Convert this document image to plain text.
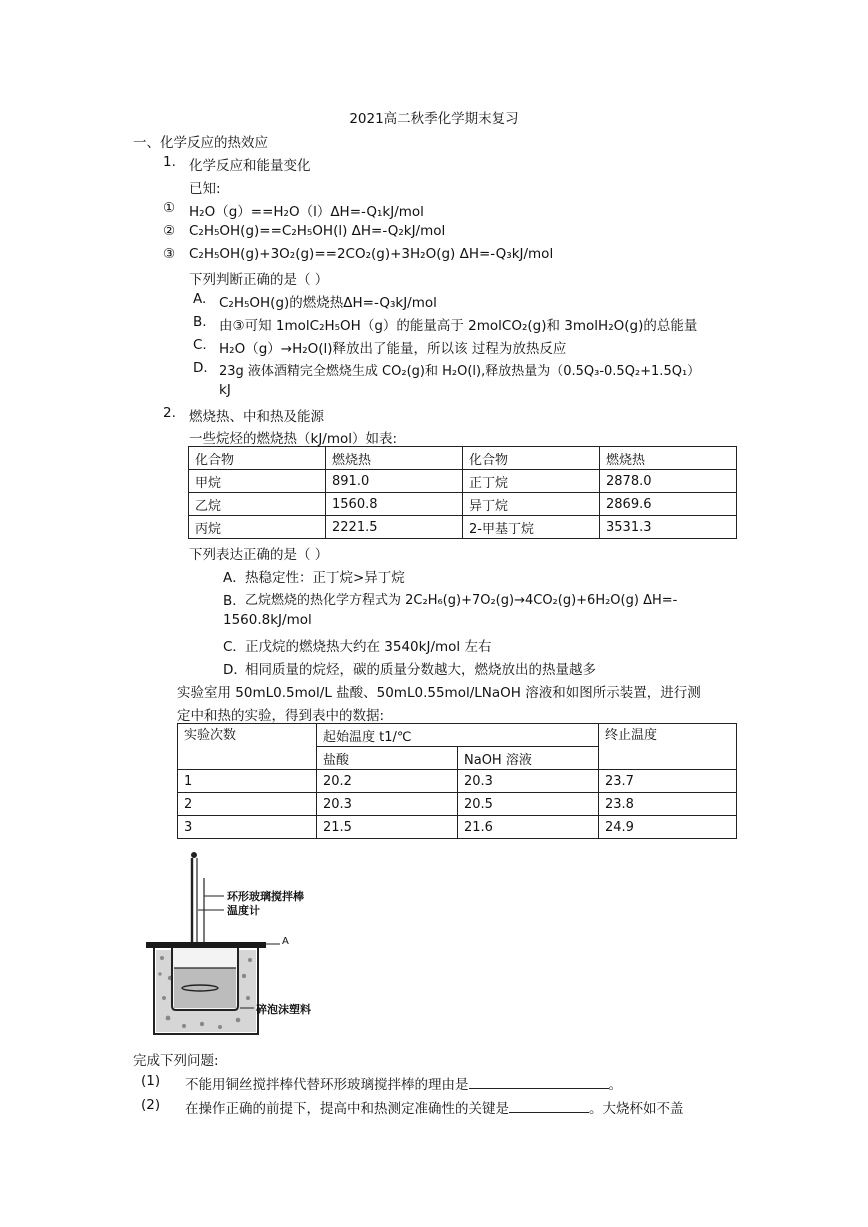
2021高二秋季化学期末复习
一、化学反应的热效应
1. 化学反应和能量变化
已知:
① H₂O（g）==H₂O（l）ΔH=-Q₁kJ/mol
② C₂H₅OH(g)==C₂H₅OH(l) ΔH=-Q₂kJ/mol
③ C₂H₅OH(g)+3O₂(g)==2CO₂(g)+3H₂O(g) ΔH=-Q₃kJ/mol
下列判断正确的是（ ）
A. C₂H₅OH(g)的燃烧热ΔH=-Q₃kJ/mol
B. 由③可知 1molC₂H₅OH（g）的能量高于 2molCO₂(g)和 3molH₂O(g)的总能量
C. H₂O（g）→H₂O(l)释放出了能量，所以该 过程为放热反应
D. 23g 液体酒精完全燃烧生成 CO₂(g)和 H₂O(l),释放热量为（0.5Q₃-0.5Q₂+1.5Q₁）
kJ
2. 燃烧热、中和热及能源
一些烷烃的燃烧热（kJ/mol）如表:
化合物	燃烧热	化合物	燃烧热
甲烷	891.0	正丁烷	2878.0
乙烷	1560.8	异丁烷	2869.6
丙烷	2221.5	2-甲基丁烷	3531.3
下列表达正确的是（ ）
A． 热稳定性：正丁烷>异丁烷
B． 乙烷燃烧的热化学方程式为 2C₂H₆(g)+7O₂(g)→4CO₂(g)+6H₂O(g) ΔH=-
1560.8kJ/mol
C． 正戊烷的燃烧热大约在 3540kJ/mol 左右
D．
相同质量的烷烃，碳的质量分数越大，燃烧放出的热量越多
实验室用 50mL0.5mol/L 盐酸、50mL0.55mol/LNaOH 溶液和如图所示装置，进行测
定中和热的实验，得到表中的数据:
实验次数	起始温度 t1/℃		终止温度
	盐酸	NaOH 溶液	
1	20.2	20.3	23.7
2	20.3	20.5	23.8
3	21.5	21.6	24.9
环形玻璃搅拌棒
温度计
A
碎泡沫塑料
完成下列问题:
(1) 不能用铜丝搅拌棒代替环形玻璃搅拌棒的理由是	。
(2) 在操作正确的前提下，提高中和热测定准确性的关键是	。大烧杯如不盖
